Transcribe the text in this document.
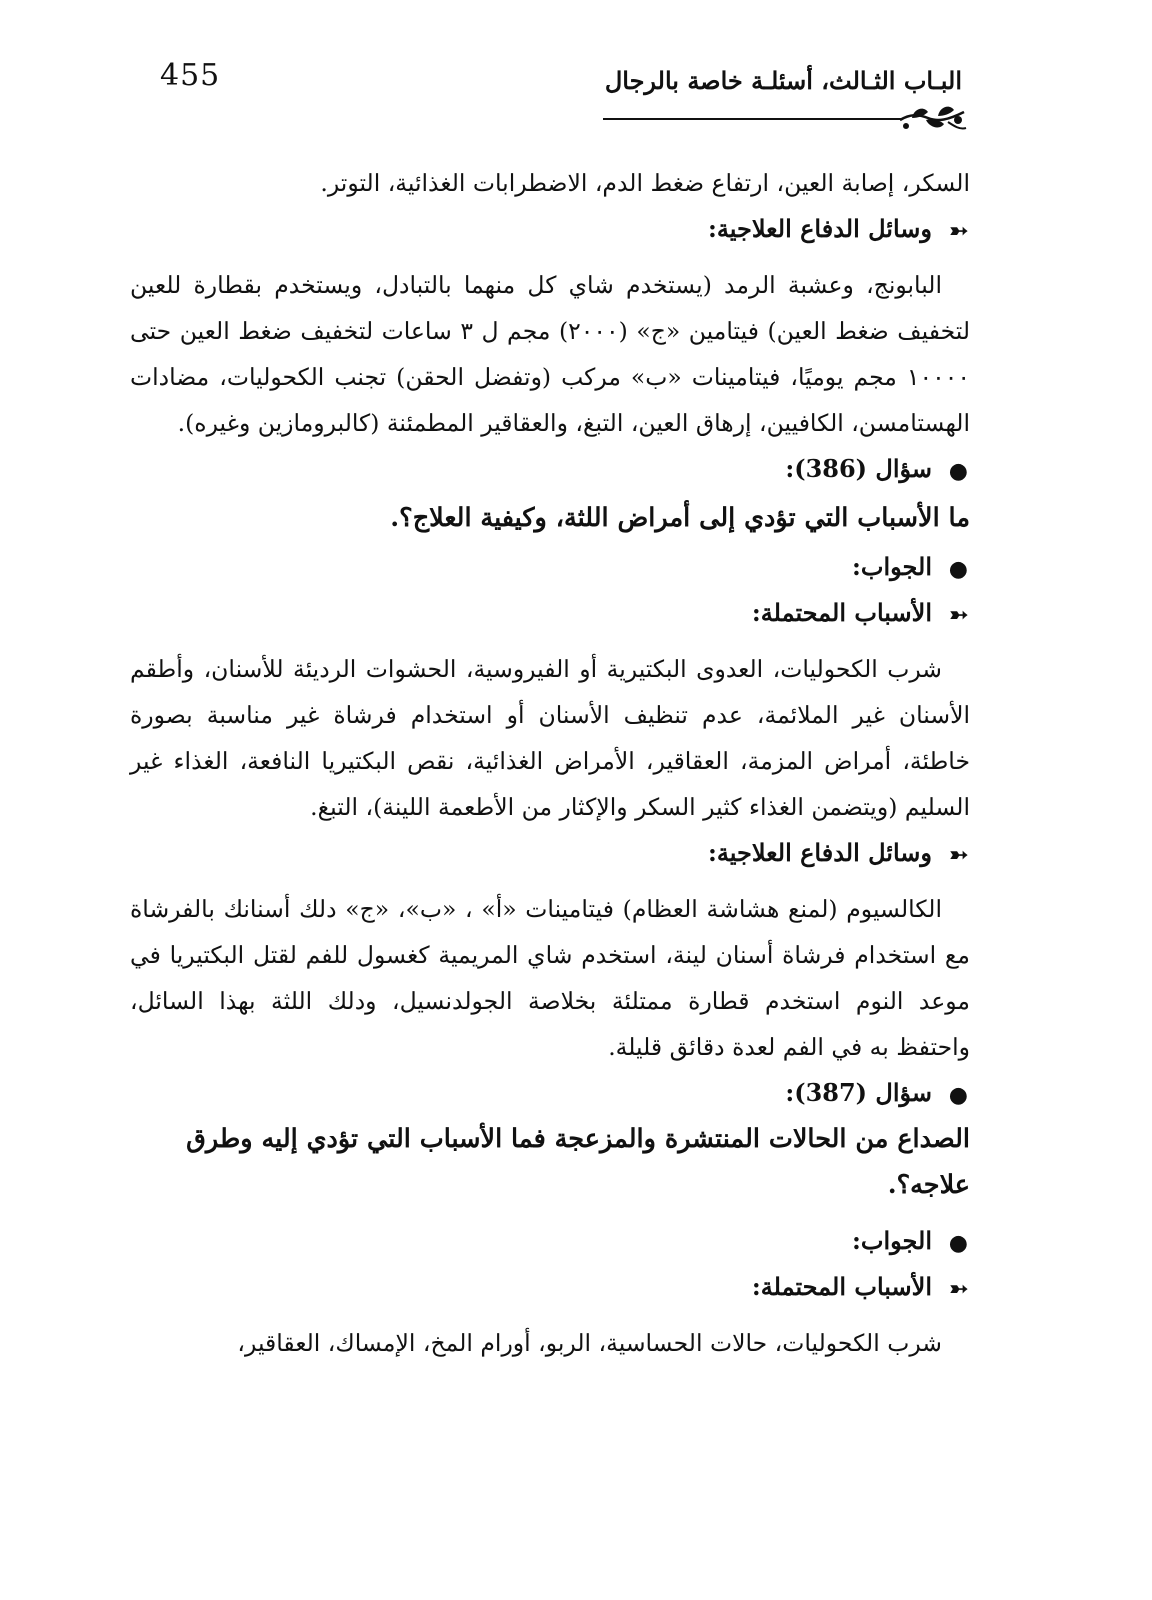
455	البـاب الثـالث، أسئلـة خاصة بالرجال
السكر، إصابة العين، ارتفاع ضغط الدم، الاضطرابات الغذائية، التوتر.
➳وسائل الدفاع العلاجية:

البابونج، وعشبة الرمد (يستخدم شاي كل منهما بالتبادل، ويستخدم بقطارة للعين لتخفيف ضغط العين) فيتامين «ج» (٢٠٠٠) مجم ل ٣ ساعات لتخفيف ضغط العين حتى ١٠٠٠٠ مجم يوميًا، فيتامينات «ب» مركب (وتفضل الحقن) تجنب الكحوليات، مضادات الهستامسن، الكافيين، إرهاق العين، التبغ، والعقاقير المطمئنة (كالبرومازين وغيره).

●سؤال (386):
ما الأسباب التي تؤدي إلى أمراض اللثة، وكيفية العلاج؟.
●الجواب:
➳الأسباب المحتملة:

شرب الكحوليات، العدوى البكتيرية أو الفيروسية، الحشوات الرديئة للأسنان، وأطقم الأسنان غير الملائمة، عدم تنظيف الأسنان أو استخدام فرشاة غير مناسبة بصورة خاطئة، أمراض المزمة، العقاقير، الأمراض الغذائية، نقص البكتيريا النافعة، الغذاء غير السليم (ويتضمن الغذاء كثير السكر والإكثار من الأطعمة اللينة)، التبغ.

➳وسائل الدفاع العلاجية:

الكالسيوم (لمنع هشاشة العظام) فيتامينات «أ» ، «ب»، «ج» دلك أسنانك بالفرشاة مع استخدام فرشاة أسنان لينة، استخدم شاي المريمية كغسول للفم لقتل البكتيريا في موعد النوم استخدم قطارة ممتلئة بخلاصة الجولدنسيل، ودلك اللثة بهذا السائل، واحتفظ به في الفم لعدة دقائق قليلة.

●سؤال (387):
الصداع من الحالات المنتشرة والمزعجة فما الأسباب التي تؤدي إليه وطرق
علاجه؟.
●الجواب:
➳الأسباب المحتملة:
شرب الكحوليات، حالات الحساسية، الربو، أورام المخ، الإمساك، العقاقير،
